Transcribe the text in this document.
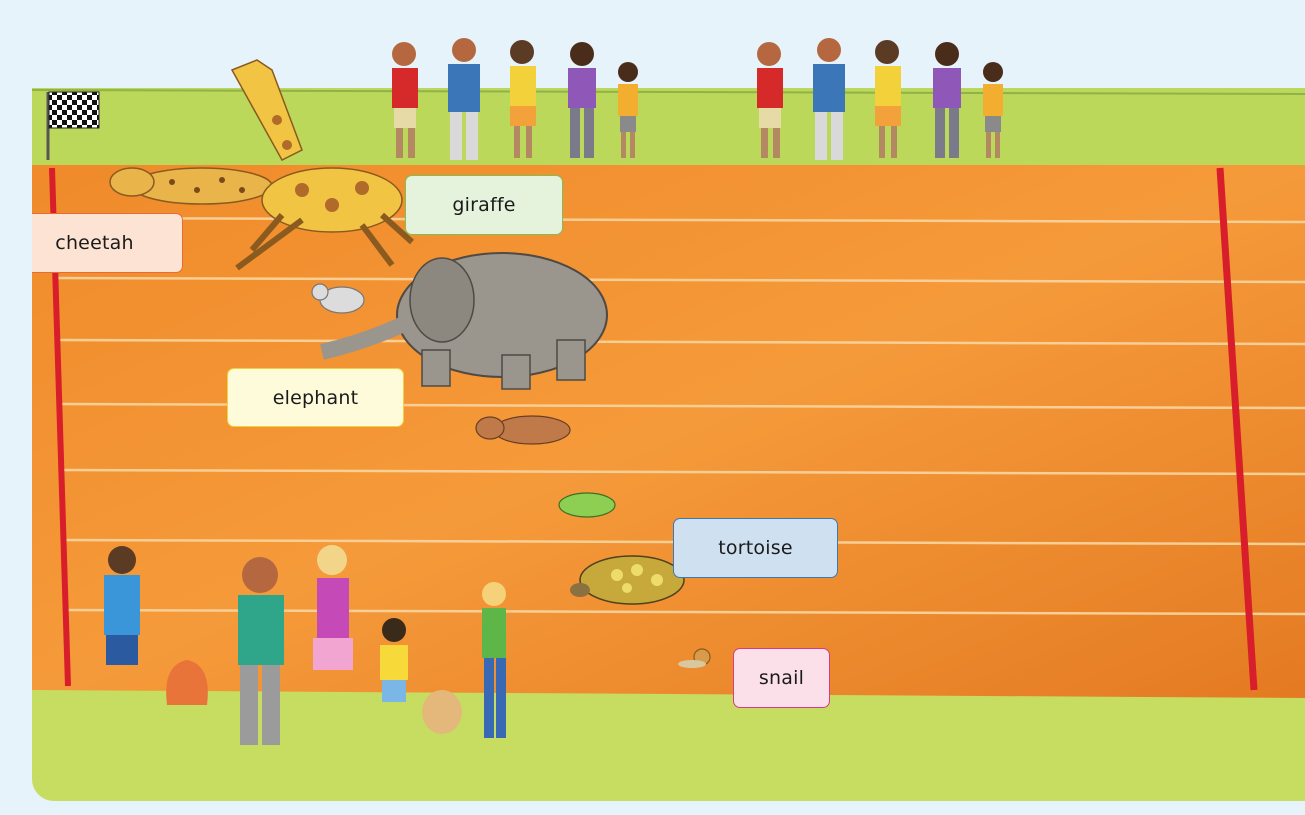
giraffe
cheetah
elephant
tortoise
snail
